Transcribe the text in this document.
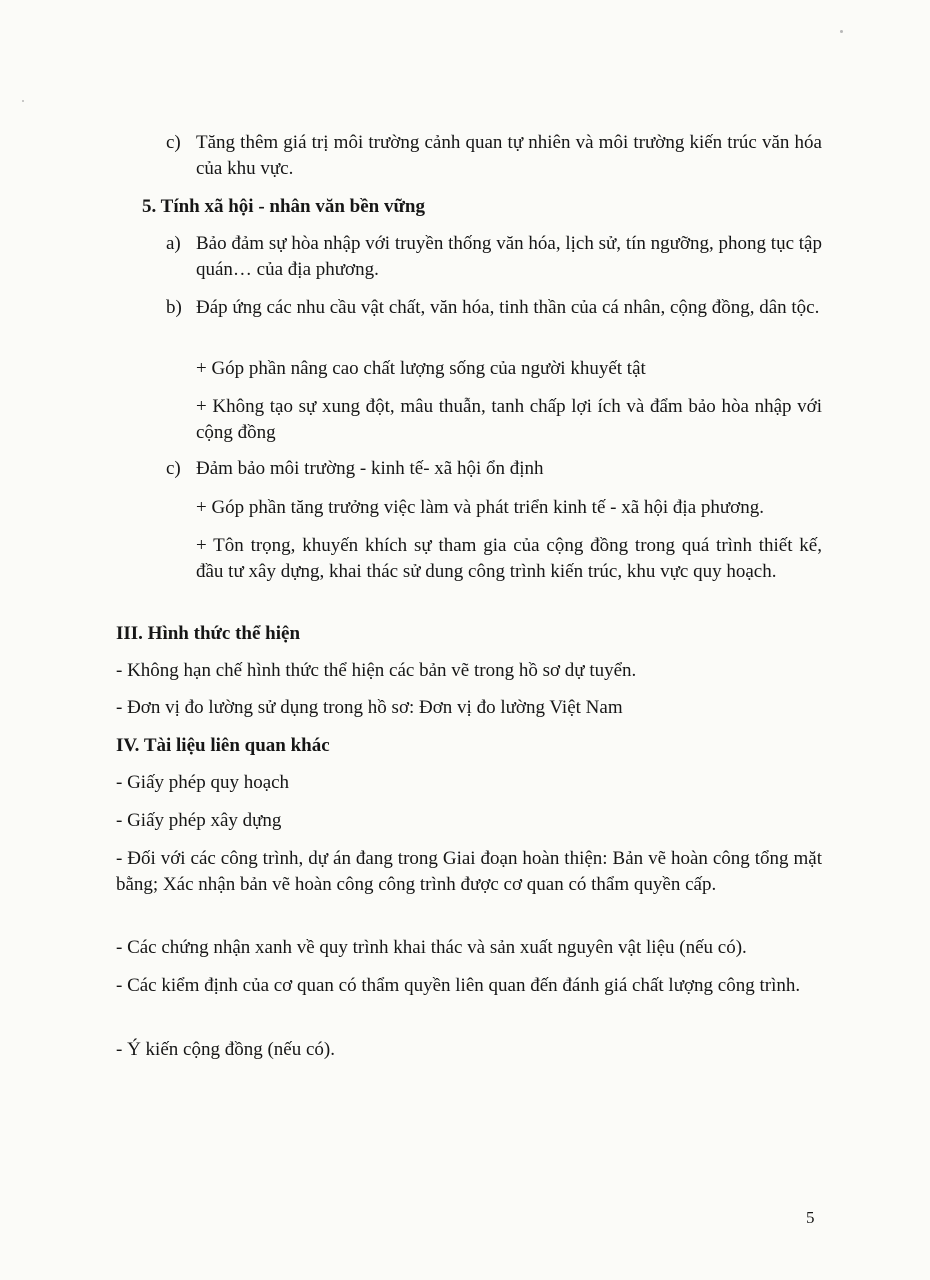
c) Tăng thêm giá trị môi trường cảnh quan tự nhiên và môi trường kiến trúc văn hóa của khu vực.
5. Tính xã hội - nhân văn bền vững
a) Bảo đảm sự hòa nhập với truyền thống văn hóa, lịch sử, tín ngưỡng, phong tục tập quán… của địa phương.
b) Đáp ứng các nhu cầu vật chất, văn hóa, tinh thần của cá nhân, cộng đồng, dân tộc.
+ Góp phần nâng cao chất lượng sống của người khuyết tật
+ Không tạo sự xung đột, mâu thuẫn, tanh chấp lợi ích và đẩm bảo hòa nhập với cộng đồng
c) Đảm bảo môi trường - kinh tế- xã hội ổn định
+ Góp phần tăng trưởng việc làm và phát triển kinh tế - xã hội địa phương.
+ Tôn trọng, khuyến khích sự tham gia của cộng đồng trong quá trình thiết kế, đầu tư xây dựng, khai thác sử dung công trình kiến trúc, khu vực quy hoạch.
III. Hình thức thể hiện
- Không hạn chế hình thức thể hiện các bản vẽ trong hồ sơ dự tuyển.
- Đơn vị đo lường sử dụng trong hồ sơ: Đơn vị đo lường Việt Nam
IV. Tài liệu liên quan khác
- Giấy phép quy hoạch
- Giấy phép xây dựng
- Đối với các công trình, dự án đang trong Giai đoạn hoàn thiện: Bản vẽ hoàn công tổng mặt bằng; Xác nhận bản vẽ hoàn công công trình được cơ quan có thẩm quyền cấp.
- Các chứng nhận xanh về quy trình khai thác và sản xuất nguyên vật liệu (nếu có).
- Các kiểm định của cơ quan có thẩm quyền liên quan đến đánh giá chất lượng công trình.
- Ý kiến cộng đồng (nếu có).
5
